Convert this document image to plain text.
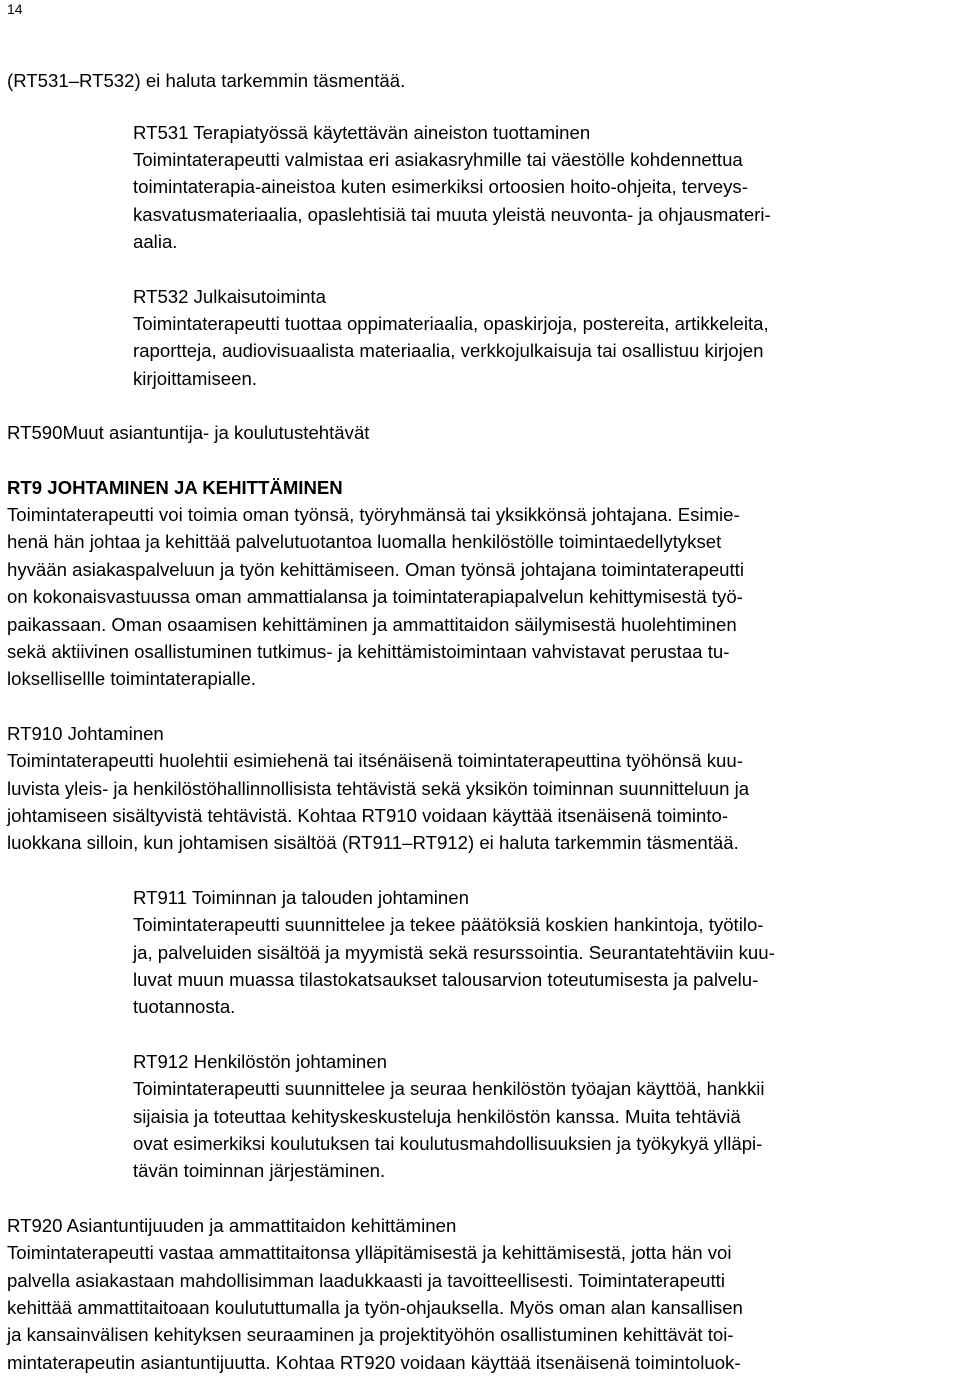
14
(RT531–RT532) ei haluta tarkemmin täsmentää.
RT531 Terapiatyössä käytettävän aineiston tuottaminen
Toimintaterapeutti valmistaa eri asiakasryhmille tai väestölle kohdennettua
toimintaterapia-aineistoa kuten esimerkiksi ortoosien hoito-ohjeita, terveys-
kasvatusmateriaalia, opaslehtisiä tai muuta yleistä neuvonta- ja ohjausmateri-
aalia.
RT532 Julkaisutoiminta
Toimintaterapeutti tuottaa oppimateriaalia, opaskirjoja, postereita, artikkeleita,
raportteja, audiovisuaalista materiaalia, verkkojulkaisuja tai osallistuu kirjojen
kirjoittamiseen.
RT590Muut asiantuntija- ja koulutustehtävät
RT9 JOHTAMINEN JA KEHITTÄMINEN
Toimintaterapeutti voi toimia oman työnsä, työryhmänsä tai yksikkönsä johtajana. Esimie-
henä hän johtaa ja kehittää palvelutuotantoa luomalla henkilöstölle toimintaedellytykset
hyvään asiakaspalveluun ja työn kehittämiseen. Oman työnsä johtajana toimintaterapeutti
on kokonaisvastuussa oman ammattialansa ja toimintaterapiapalvelun kehittymisestä työ-
paikassaan. Oman osaamisen kehittäminen ja ammattitaidon säilymisestä huolehtiminen
sekä aktiivinen osallistuminen tutkimus- ja kehittämistoimintaan vahvistavat perustaa tu-
loksellisellle toimintaterapialle.
RT910 Johtaminen
Toimintaterapeutti huolehtii esimiehenä tai itsénäisenä toimintaterapeuttina työhönsä kuu-
luvista yleis- ja henkilöstöhallinnollisista tehtävistä sekä yksikön toiminnan suunnitteluun ja
johtamiseen sisältyvistä tehtävistä. Kohtaa RT910 voidaan käyttää itsenäisenä toiminto-
luokkana silloin, kun johtamisen sisältöä (RT911–RT912) ei haluta tarkemmin täsmentää.
RT911 Toiminnan ja talouden johtaminen
Toimintaterapeutti suunnittelee ja tekee päätöksiä koskien hankintoja, työtilo-
ja, palveluiden sisältöä ja myymistä sekä resurssointia. Seurantatehtäviin kuu-
luvat muun muassa tilastokatsaukset talousarvion toteutumisesta ja palvelu-
tuotannosta.
RT912 Henkilöstön johtaminen
Toimintaterapeutti suunnittelee ja seuraa henkilöstön työajan käyttöä, hankkii
sijaisia ja toteuttaa kehityskeskusteluja henkilöstön kanssa. Muita tehtäviä
ovat esimerkiksi koulutuksen tai koulutusmahdollisuuksien ja työkykyä ylläpi-
tävän toiminnan järjestäminen.
RT920 Asiantuntijuuden ja ammattitaidon kehittäminen
Toimintaterapeutti vastaa ammattitaitonsa ylläpitämisestä ja kehittämisestä, jotta hän voi
palvella asiakastaan mahdollisimman laadukkaasti ja tavoitteellisesti. Toimintaterapeutti
kehittää ammattitaitoaan koulututtumalla ja työn-ohjauksella. Myös oman alan kansallisen
ja kansainvälisen kehityksen seuraaminen ja projektityöhön osallistuminen kehittävät toi-
mintaterapeutin asiantuntijuutta. Kohtaa RT920 voidaan käyttää itsenäisenä toimintoluok-
